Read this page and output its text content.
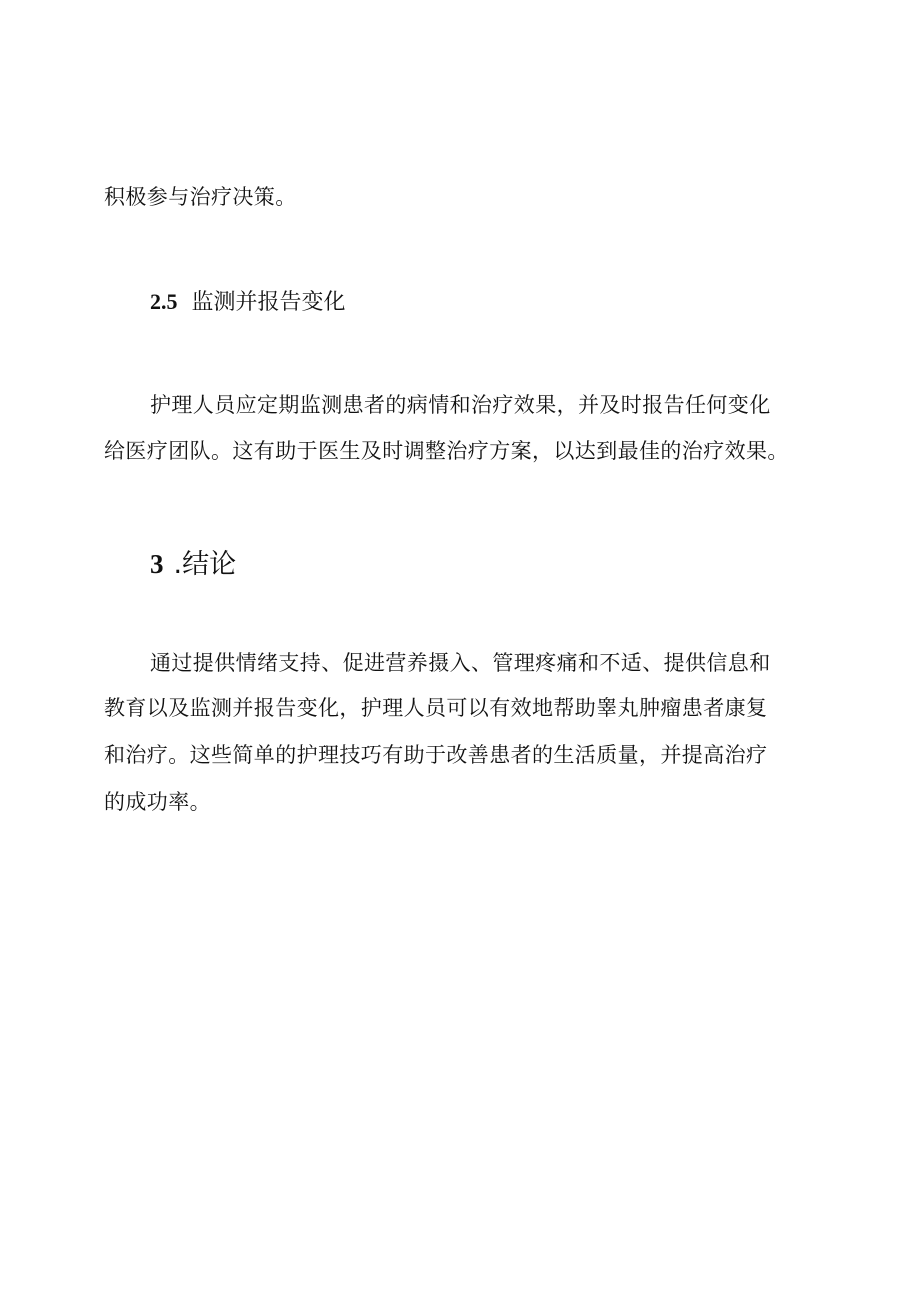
积极参与治疗决策。
2.5 监测并报告变化
护理人员应定期监测患者的病情和治疗效果，并及时报告任何变化
给医疗团队。这有助于医生及时调整治疗方案，以达到最佳的治疗效果。
3 .结论
通过提供情绪支持、促进营养摄入、管理疼痛和不适、提供信息和
教育以及监测并报告变化，护理人员可以有效地帮助睾丸肿瘤患者康复
和治疗。这些简单的护理技巧有助于改善患者的生活质量，并提高治疗
的成功率。
